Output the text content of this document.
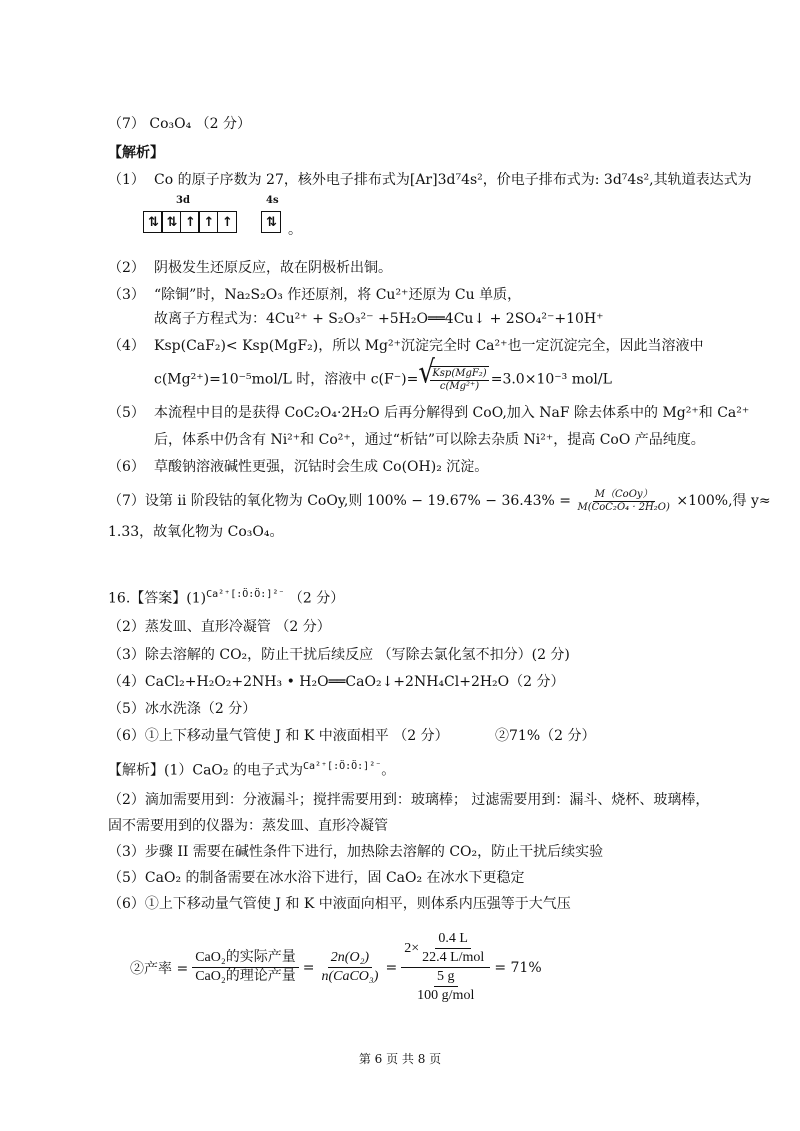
（7） Co₃O₄ （2 分）
【解析】
（1） Co 的原子序数为 27，核外电子排布式为[Ar]3d⁷4s²，价电子排布式为: 3d⁷4s²,其轨道表达式为
3d	4s
⇅ ⇅ ↑ ↑ ↑	⇅ 。
（2） 阴极发生还原反应，故在阴极析出铜。
（3） “除铜”时，Na₂S₂O₃ 作还原剂，将 Cu²⁺还原为 Cu 单质，
故离子方程式为：4Cu²⁺ + S₂O₃²⁻ +5H₂O══4Cu↓ + 2SO₄²⁻+10H⁺
（4） Ksp(CaF₂)< Ksp(MgF₂)，所以 Mg²⁺沉淀完全时 Ca²⁺也一定沉淀完全，因此当溶液中
c(Mg²⁺)=10⁻⁵mol/L 时，溶液中 c(F⁻)=
√ $\frac{\text{Ksp(MgF₂)}}{\text{c(Mg²⁺)}} =3.0\times 10^{-3}$ mol/L
（5） 本流程中目的是获得 CoC₂O₄·2H₂O 后再分解得到 CoO,加入 NaF 除去体系中的 Mg²⁺和 Ca²⁺
后，体系中仍含有 Ni²⁺和 Co²⁺，通过“析钴”可以除去杂质 Ni²⁺，提高 CoO 产品纯度。
（6） 草酸钠溶液碱性更强，沉钴时会生成 Co(OH)₂ 沉淀。
（7）设第 ii 阶段钴的氧化物为 CoOy,则 $100\% - 19.67\% - 36.43\% = \frac{\text{M（CoOy）}}{\text{M(CoC₂O₄ · 2H₂O)}} \times 100\%$,得 y≈
1.33，故氧化物为 Co₃O₄。
16.【答案】$(1)^{Ca^{2+}[:Ö:Ö:]^{2-}}$ （2 分）
（2）蒸发皿、直形冷凝管 （2 分）
（3）除去溶解的 CO₂，防止干扰后续反应 （写除去氯化氢不扣分）(2 分)
（4）CaCl₂+H₂O₂+2NH₃ • H₂O══CaO₂↓+2NH₄Cl+2H₂O（2 分）
（5）冰水洗涤（2 分）
（6）①上下移动量气管使 J 和 K 中液面相平 （2 分）	②71%（2 分）
【解析】(1）CaO₂ 的电子式为$^{Ca^{2+}[:Ö:Ö:]^{2-}}$。
（2）滴加需要用到：分液漏斗；搅拌需要用到：玻璃棒； 过滤需要用到：漏斗、烧杯、玻璃棒，
固不需要用到的仪器为：蒸发皿、直形冷凝管
（3）步骤 II 需要在碱性条件下进行，加热除去溶解的 CO₂，防止干扰后续实验
（5）CaO₂ 的制备需要在冰水浴下进行，固 CaO₂ 在冰水下更稳定
（6）①上下移动量气管使 J 和 K 中液面向相平，则体系内压强等于大气压
②产率 =
CaO₂的实际产量
CaO₂的理论产量
=
2n(O₂)
n(CaCO₃)
=
2×
0.4 L
22.4 L/mol
5 g
100 g/mol
= 71%
第 6 页 共 8 页
